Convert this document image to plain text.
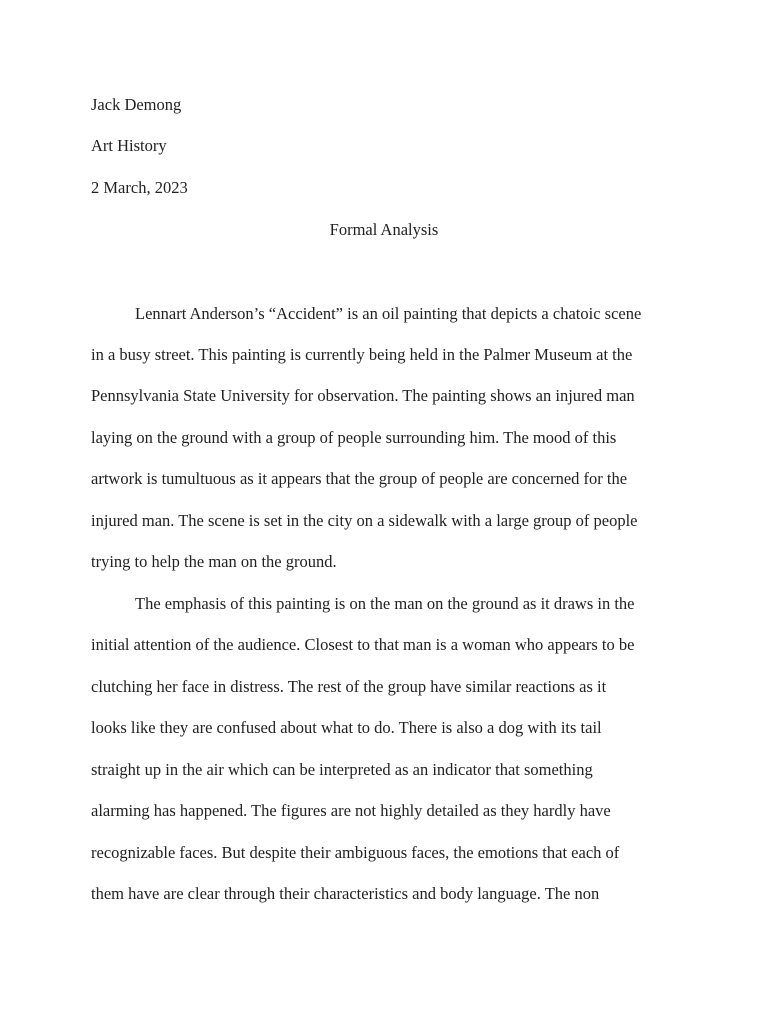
Jack Demong
Art History
2 March, 2023
Formal Analysis
Lennart Anderson’s “Accident” is an oil painting that depicts a chatoic scene
in a busy street. This painting is currently being held in the Palmer Museum at the
Pennsylvania State University for observation. The painting shows an injured man
laying on the ground with a group of people surrounding him. The mood of this
artwork is tumultuous as it appears that the group of people are concerned for the
injured man. The scene is set in the city on a sidewalk with a large group of people
trying to help the man on the ground.
The emphasis of this painting is on the man on the ground as it draws in the
initial attention of the audience. Closest to that man is a woman who appears to be
clutching her face in distress. The rest of the group have similar reactions as it
looks like they are confused about what to do. There is also a dog with its tail
straight up in the air which can be interpreted as an indicator that something
alarming has happened. The figures are not highly detailed as they hardly have
recognizable faces. But despite their ambiguous faces, the emotions that each of
them have are clear through their characteristics and body language. The non
